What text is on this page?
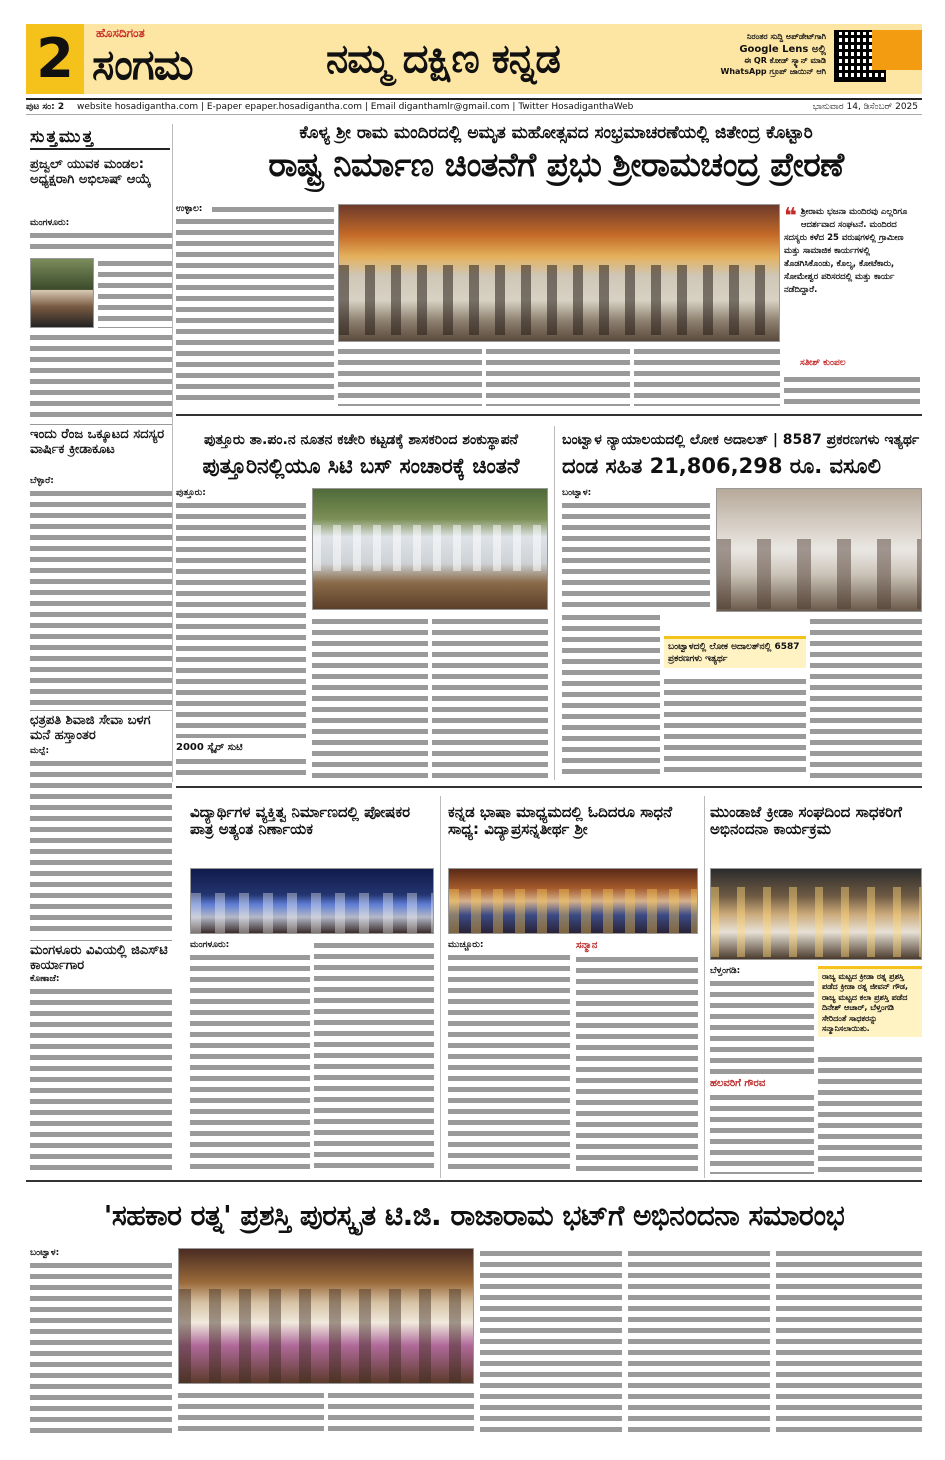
2	ಹೊಸದಿಗಂತ
ಸಂಗಮ	ನಮ್ಮ ದಕ್ಷಿಣ ಕನ್ನಡ	ನಿರಂತರ ಸುದ್ದಿ ಅಪ್‌ಡೇಟ್‌ಗಾಗಿ
Google Lens ಅಲ್ಲಿ
ಈ QR ಕೋಡ್ ಸ್ಕ್ಯಾನ್ ಮಾಡಿ
WhatsApp ಗ್ರೂಪ್ ಜಾಯಿನ್ ಆಗಿ
ಪುಟ ಸಂ: 2 website hosadigantha.com | E-paper epaper.hosadigantha.com | Email diganthamlr@gmail.com | Twitter HosadiganthaWeb	ಭಾನುವಾರ 14, ಡಿಸೆಂಬರ್ 2025
ಸುತ್ತಮುತ್ತ
ಪ್ರಜ್ವಲ್ ಯುವಕ ಮಂಡಲ: ಅಧ್ಯಕ್ಷರಾಗಿ ಅಭಿಲಾಷ್ ಆಯ್ಕೆ
ಮಂಗಳೂರು:
ಇಂದು ರೆಂಜ ಒಕ್ಕೂಟದ ಸದಸ್ಯರ ವಾರ್ಷಿಕ ಕ್ರೀಡಾಕೂಟ
ಬೆಳ್ಳಾರೆ:
ಛತ್ರಪತಿ ಶಿವಾಜಿ ಸೇವಾ ಬಳಗ ಮನೆ ಹಸ್ತಾಂತರ
ಮಲ್ಪೆ:
ಮಂಗಳೂರು ವಿವಿಯಲ್ಲಿ ಜಿಎಸ್‌ಟಿ ಕಾರ್ಯಾಗಾರ
ಕೊಣಾಜೆ:
ಕೊಳ್ಯ ಶ್ರೀ ರಾಮ ಮಂದಿರದಲ್ಲಿ ಅಮೃತ ಮಹೋತ್ಸವದ ಸಂಭ್ರಮಾಚರಣೆಯಲ್ಲಿ ಜಿತೇಂದ್ರ ಕೊಟ್ಟಾರಿ
ರಾಷ್ಟ್ರ ನಿರ್ಮಾಣ ಚಿಂತನೆಗೆ ಪ್ರಭು ಶ್ರೀರಾಮಚಂದ್ರ ಪ್ರೇರಣೆ
ಉಳ್ಳಾಲ:	❝ ಶ್ರೀರಾಮ ಭಜನಾ ಮಂದಿರವು ಎಲ್ಲರಿಗೂ ಆದರ್ಶವಾದ ಸಂಘಟನೆ. ಮಂದಿರದ ಸದಸ್ಯರು ಕಳೆದ 25 ವರುಷಗಳಲ್ಲಿ ಗ್ರಾಮೀಣ ಮತ್ತು ಸಾಮಾಜಿಕ ಕಾರ್ಯಗಳಲ್ಲಿ ತೊಡಗಿಸಿಕೊಂಡು, ಕೊಲ್ಯ, ಕೋಟೆಕಾರು, ಸೋಮೇಶ್ವರ ಪರಿಸರದಲ್ಲಿ ಮತ್ತು ಕಾರ್ಯ ನಡೆದಿದ್ದಾರೆ.
ಸತೀಶ್ ಕುಂಪಲ
ಪುತ್ತೂರು ತಾ.ಪಂ.ನ ನೂತನ ಕಚೇರಿ ಕಟ್ಟಡಕ್ಕೆ ಶಾಸಕರಿಂದ ಶಂಕುಸ್ಥಾಪನೆ
ಪುತ್ತೂರಿನಲ್ಲಿಯೂ ಸಿಟಿ ಬಸ್ ಸಂಚಾರಕ್ಕೆ ಚಿಂತನೆ
ಪುತ್ತೂರು:
2000 ಸ್ಕೈರ್ ಸುಟಿ
ಬಂಟ್ವಾಳ ನ್ಯಾಯಾಲಯದಲ್ಲಿ ಲೋಕ ಅದಾಲತ್ | 8587 ಪ್ರಕರಣಗಳು ಇತ್ಯರ್ಥ
ದಂಡ ಸಹಿತ 21,806,298 ರೂ. ವಸೂಲಿ
ಬಂಟ್ವಾಳ:
ಬಂಟ್ವಾಳದಲ್ಲಿ ಲೋಕ ಅದಾಲತ್‌ನಲ್ಲಿ 6587 ಪ್ರಕರಣಗಳು ಇತ್ಯರ್ಥ
ವಿದ್ಯಾರ್ಥಿಗಳ ವ್ಯಕ್ತಿತ್ವ ನಿರ್ಮಾಣದಲ್ಲಿ ಪೋಷಕರ ಪಾತ್ರ ಅತ್ಯಂತ ನಿರ್ಣಾಯಕ
ಮಂಗಳೂರು:
ಕನ್ನಡ ಭಾಷಾ ಮಾಧ್ಯಮದಲ್ಲಿ ಓದಿದರೂ ಸಾಧನೆ ಸಾಧ್ಯ: ವಿದ್ಯಾಪ್ರಸನ್ನತೀರ್ಥ ಶ್ರೀ
ಮುಚ್ಚೂರು:	ಸನ್ಮಾನ
ಮುಂಡಾಜೆ ಕ್ರೀಡಾ ಸಂಘದಿಂದ ಸಾಧಕರಿಗೆ ಅಭಿನಂದನಾ ಕಾರ್ಯಕ್ರಮ
ಬೆಳ್ತಂಗಡಿ:
ರಾಜ್ಯ ಮಟ್ಟದ ಕ್ರೀಡಾ ರತ್ನ ಪ್ರಶಸ್ತಿ ಪಡೆದ ಕ್ರೀಡಾ ರತ್ನ ಜೀವನ್ ಗೌಡ, ರಾಜ್ಯ ಮಟ್ಟದ ಕಲಾ ಪ್ರಶಸ್ತಿ ಪಡೆದ ದಿನೇಶ್ ಆಚಾರ್, ಬೆಳ್ತಂಗಡಿ ಸೇರಿದಂತೆ ಸಾಧಕರನ್ನು ಸನ್ಮಾನಿಸಲಾಯಿತು.
ಹಲವರಿಗೆ ಗೌರವ
'ಸಹಕಾರ ರತ್ನ' ಪ್ರಶಸ್ತಿ ಪುರಸ್ಕೃತ ಟಿ.ಜಿ. ರಾಜಾರಾಮ ಭಟ್‌ಗೆ ಅಭಿನಂದನಾ ಸಮಾರಂಭ
ಬಂಟ್ವಾಳ:
